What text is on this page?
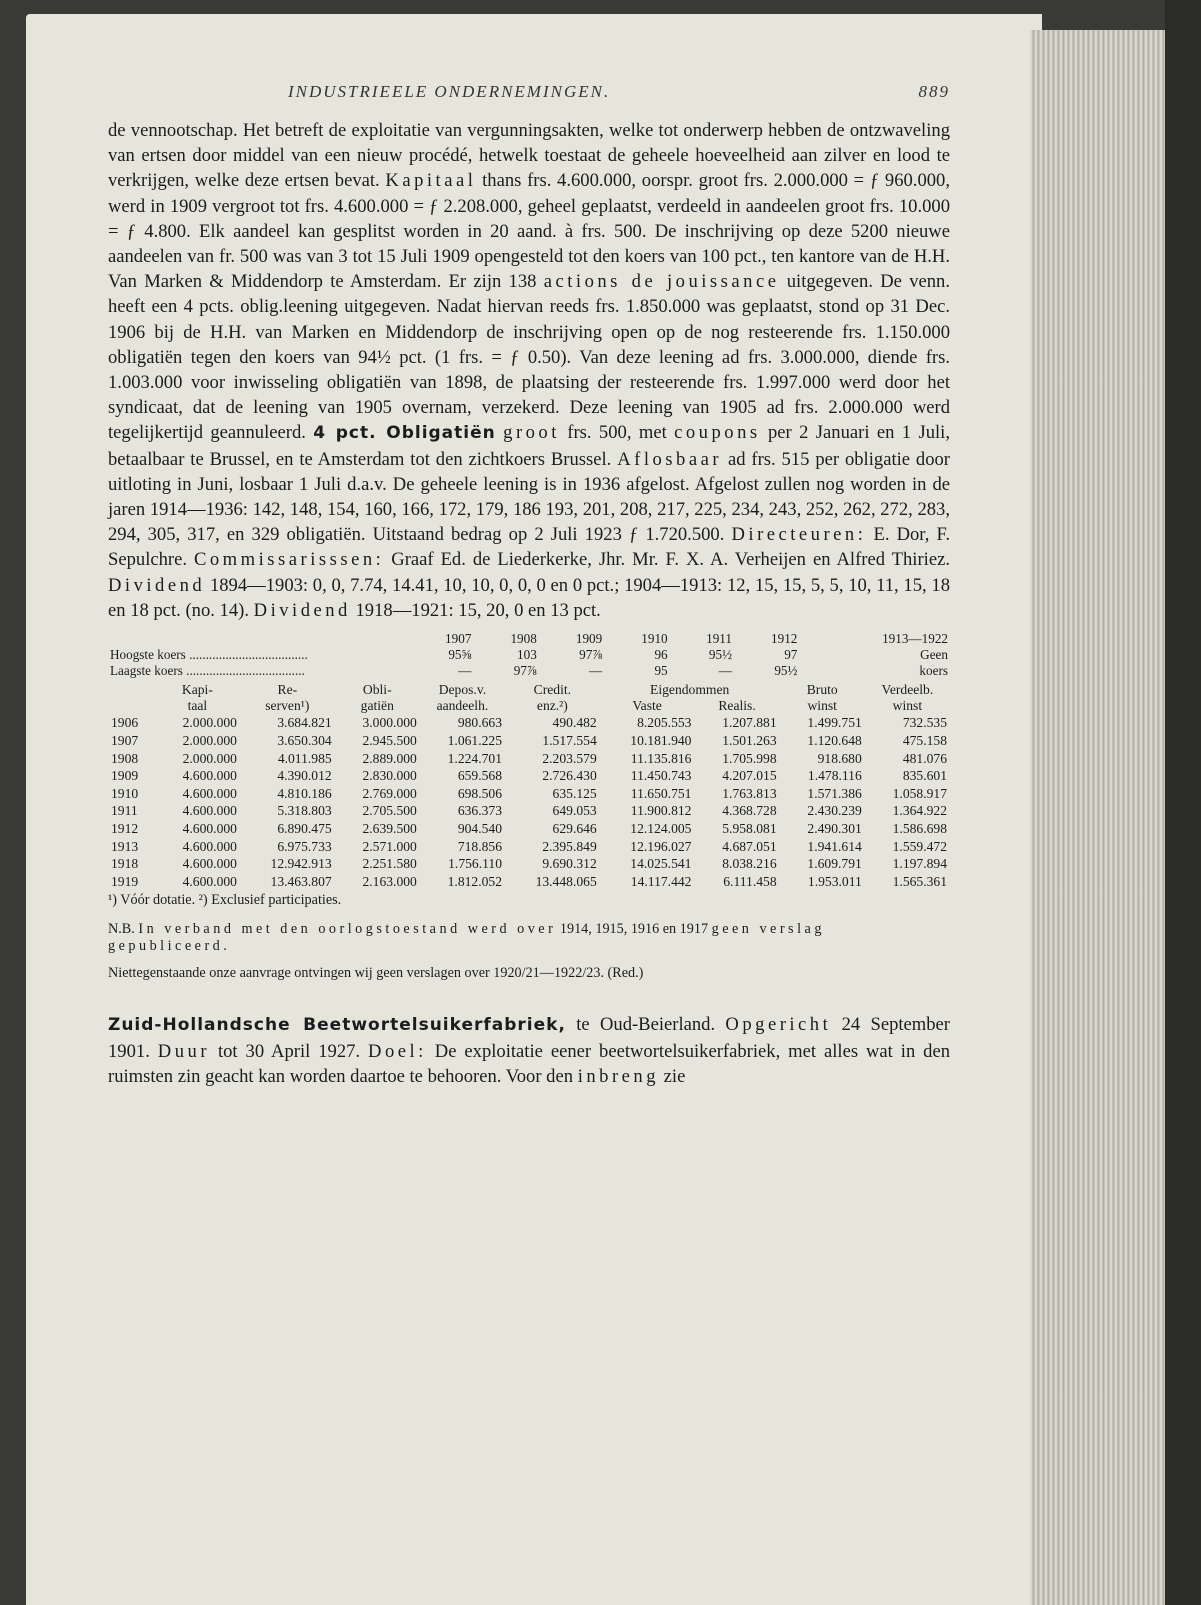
INDUSTRIEELE ONDERNEMINGEN.	889

de vennootschap. Het betreft de exploitatie van vergunningsakten, welke tot onderwerp hebben de ontzwaveling van ertsen door middel van een nieuw procédé, hetwelk toestaat de geheele hoeveelheid aan zilver en lood te verkrijgen, welke deze ertsen bevat. Kapitaal thans frs. 4.600.000, oorspr. groot frs. 2.000.000 = ƒ 960.000, werd in 1909 vergroot tot frs. 4.600.000 = ƒ 2.208.000, geheel geplaatst, verdeeld in aandeelen groot frs. 10.000 = ƒ 4.800. Elk aandeel kan gesplitst worden in 20 aand. à frs. 500. De inschrijving op deze 5200 nieuwe aandeelen van fr. 500 was van 3 tot 15 Juli 1909 opengesteld tot den koers van 100 pct., ten kantore van de H.H. Van Marken & Middendorp te Amsterdam. Er zijn 138 actions de jouissance uitgegeven. De venn. heeft een 4 pcts. oblig.leening uitgegeven. Nadat hiervan reeds frs. 1.850.000 was geplaatst, stond op 31 Dec. 1906 bij de H.H. van Marken en Middendorp de inschrijving open op de nog resteerende frs. 1.150.000 obligatiën tegen den koers van 94½ pct. (1 frs. = ƒ 0.50). Van deze leening ad frs. 3.000.000, diende frs. 1.003.000 voor inwisseling obligatiën van 1898, de plaatsing der resteerende frs. 1.997.000 werd door het syndicaat, dat de leening van 1905 overnam, verzekerd. Deze leening van 1905 ad frs. 2.000.000 werd tegelijkertijd geannuleerd. 4 pct. Obligatiën groot frs. 500, met coupons per 2 Januari en 1 Juli, betaalbaar te Brussel, en te Amsterdam tot den zichtkoers Brussel. Aflosbaar ad frs. 515 per obligatie door uitloting in Juni, losbaar 1 Juli d.a.v. De geheele leening is in 1936 afgelost. Afgelost zullen nog worden in de jaren 1914—1936: 142, 148, 154, 160, 166, 172, 179, 186 193, 201, 208, 217, 225, 234, 243, 252, 262, 272, 283, 294, 305, 317, en 329 obligatiën. Uitstaand bedrag op 2 Juli 1923 ƒ 1.720.500. Directeuren: E. Dor, F. Sepulchre. Commissarisssen: Graaf Ed. de Liederkerke, Jhr. Mr. F. X. A. Verheijen en Alfred Thiriez. Dividend 1894—1903: 0, 0, 7.74, 14.41, 10, 10, 0, 0, 0 en 0 pct.; 1904—1913: 12, 15, 15, 5, 5, 10, 11, 15, 18 en 18 pct. (no. 14). Dividend 1918—1921: 15, 20, 0 en 13 pct.

	1907	1908	1909	1910	1911	1912	1913—1922
Hoogste koers ....................................	95⅝	103	97⅞	96	95½	97	Geen
Laagste koers ....................................	—	97⅞	—	95	—	95½	koers
	Kapi-	Re-	Obli-	Depos.v.	Credit.	Eigendommen		Bruto	Verdeelb.
	taal	serven¹)	gatiën	aandeelh.	enz.²)	Vaste	Realis.	winst	winst
1906	2.000.000	3.684.821	3.000.000	980.663	490.482	8.205.553	1.207.881	1.499.751	732.535
1907	2.000.000	3.650.304	2.945.500	1.061.225	1.517.554	10.181.940	1.501.263	1.120.648	475.158
1908	2.000.000	4.011.985	2.889.000	1.224.701	2.203.579	11.135.816	1.705.998	918.680	481.076
1909	4.600.000	4.390.012	2.830.000	659.568	2.726.430	11.450.743	4.207.015	1.478.116	835.601
1910	4.600.000	4.810.186	2.769.000	698.506	635.125	11.650.751	1.763.813	1.571.386	1.058.917
1911	4.600.000	5.318.803	2.705.500	636.373	649.053	11.900.812	4.368.728	2.430.239	1.364.922
1912	4.600.000	6.890.475	2.639.500	904.540	629.646	12.124.005	5.958.081	2.490.301	1.586.698
1913	4.600.000	6.975.733	2.571.000	718.856	2.395.849	12.196.027	4.687.051	1.941.614	1.559.472
1918	4.600.000	12.942.913	2.251.580	1.756.110	9.690.312	14.025.541	8.038.216	1.609.791	1.197.894
1919	4.600.000	13.463.807	2.163.000	1.812.052	13.448.065	14.117.442	6.111.458	1.953.011	1.565.361

¹) Vóór dotatie. ²) Exclusief participaties.

N.B. In verband met den oorlogstoestand werd over 1914, 1915, 1916 en 1917 geen verslag gepubliceerd.

Niettegenstaande onze aanvrage ontvingen wij geen verslagen over 1920/21—1922/23. (Red.)

Zuid-Hollandsche Beetwortelsuikerfabriek, te Oud-Beierland. Opgericht 24 September 1901. Duur tot 30 April 1927. Doel: De exploitatie eener beetwortelsuikerfabriek, met alles wat in den ruimsten zin geacht kan worden daartoe te behooren. Voor den inbreng zie
